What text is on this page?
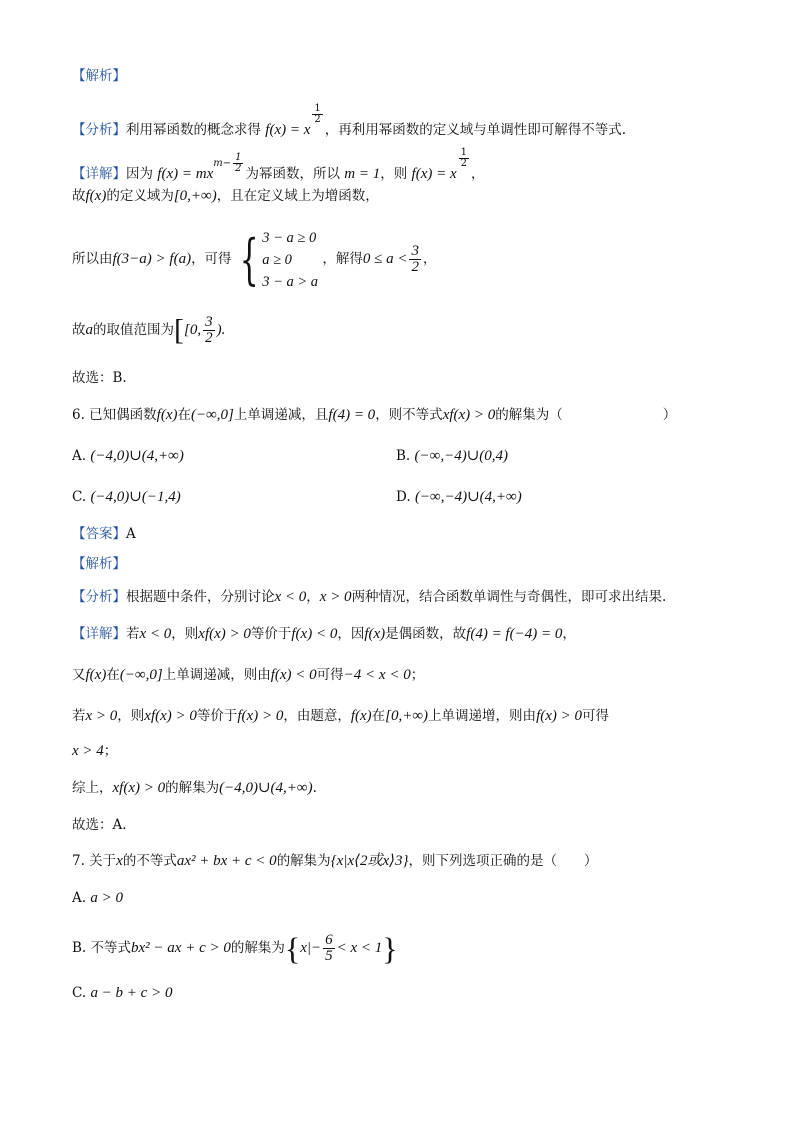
【解析】
【分析】利用幂函数的概念求得 f(x) = x
$\frac{1}{2}$
，再利用幂函数的定义域与单调性即可解得不等式.
【详解】因为 $f(x) = mx^{m- \frac{1}{2}}$ 为幂函数，所以 m = 1，则 f(x) = x
$\frac{1}{2}$
，
故f(x)的定义域为[0,+∞)，且在定义域上为增函数，
所以由f(3−a) > f(a)，可得 { 3 − a ≥ 0
a ≥ 0
3 − a > a
，解得$0 \le a < \frac{3}{2}$ ，
故a的取值范围为[[0, $\frac{3}{2}$ ).
故选：B.
6. 已知偶函数f(x)在(−∞,0]上单调递减，且f(4) = 0，则不等式xf(x) > 0的解集为（	）
A. (−4,0)∪(4,+∞)	B. (−∞,−4)∪(0,4)
C. (−4,0)∪(−1,4)	D. (−∞,−4)∪(4,+∞)
【答案】A
【解析】
【分析】根据题中条件，分别讨论x < 0，x > 0两种情况，结合函数单调性与奇偶性，即可求出结果.
【详解】若x < 0，则xf(x) > 0等价于f(x) < 0，因f(x)是偶函数，故f(4) = f(−4) = 0，
又f(x)在(−∞,0]上单调递减，则由f(x) < 0可得−4 < x < 0；
若x > 0，则xf(x) > 0等价于f(x) > 0，由题意，f(x)在[0,+∞)上单调递增，则由f(x) > 0可得
x > 4；
综上，xf(x) > 0的解集为(−4,0)∪(4,+∞).
故选：A.
7. 关于x的不等式ax² + bx + c < 0的解集为{x|x⟨2或x⟩3}，则下列选项正确的是（　　）
A. a > 0
B. 不等式bx² − ax + c > 0的解集为$\{x|- \frac{6}{5} < x < 1\}$
C. a − b + c > 0
